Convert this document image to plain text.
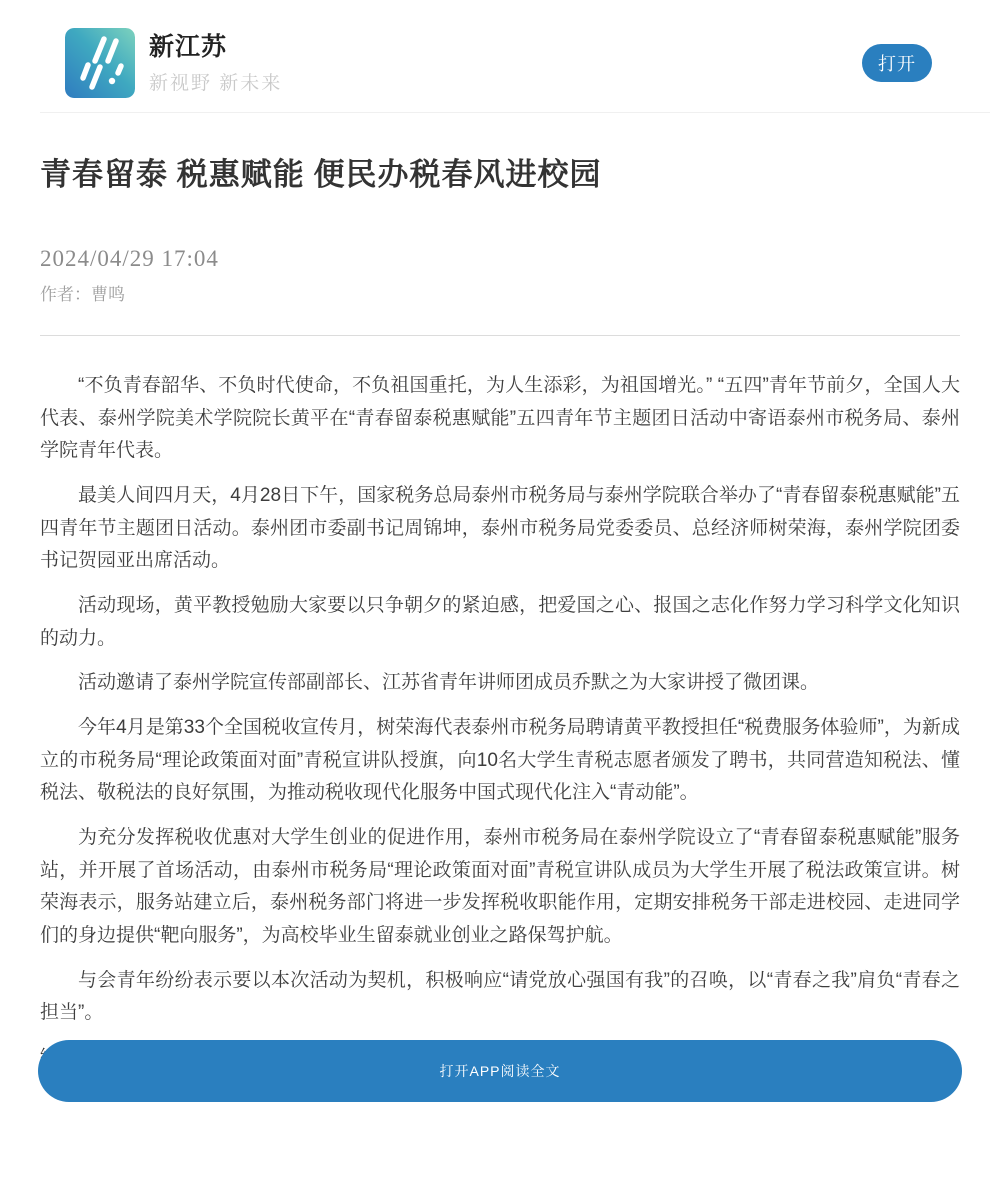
新江苏
新视野 新未来
打开
青春留泰 税惠赋能 便民办税春风进校园
2024/04/29 17:04
作者：曹鸣

“不负青春韶华、不负时代使命，不负祖国重托，为人生添彩，为祖国增光。” “五四”青年节前夕，全国人大代表、泰州学院美术学院院长黄平在“青春留泰税惠赋能”五四青年节主题团日活动中寄语泰州市税务局、泰州学院青年代表。

最美人间四月天，4月28日下午，国家税务总局泰州市税务局与泰州学院联合举办了“青春留泰税惠赋能”五四青年节主题团日活动。泰州团市委副书记周锦坤，泰州市税务局党委委员、总经济师树荣海，泰州学院团委书记贺园亚出席活动。

活动现场，黄平教授勉励大家要以只争朝夕的紧迫感，把爱国之心、报国之志化作努力学习科学文化知识的动力。

活动邀请了泰州学院宣传部副部长、江苏省青年讲师团成员乔默之为大家讲授了微团课。

今年4月是第33个全国税收宣传月，树荣海代表泰州市税务局聘请黄平教授担任“税费服务体验师”，为新成立的市税务局“理论政策面对面”青税宣讲队授旗，向10名大学生青税志愿者颁发了聘书，共同营造知税法、懂税法、敬税法的良好氛围，为推动税收现代化服务中国式现代化注入“青动能”。

为充分发挥税收优惠对大学生创业的促进作用，泰州市税务局在泰州学院设立了“青春留泰税惠赋能”服务站，并开展了首场活动，由泰州市税务局“理论政策面对面”青税宣讲队成员为大学生开展了税法政策宣讲。树荣海表示，服务站建立后，泰州税务部门将进一步发挥税收职能作用，定期安排税务干部走进校园、走进同学们的身边提供“靶向服务”，为高校毕业生留泰就业创业之路保驾护航。

与会青年纷纷表示要以本次活动为契机，积极响应“请党放心强国有我”的召唤，以“青春之我”肩负“青春之担当”。

打开APP阅读全文
